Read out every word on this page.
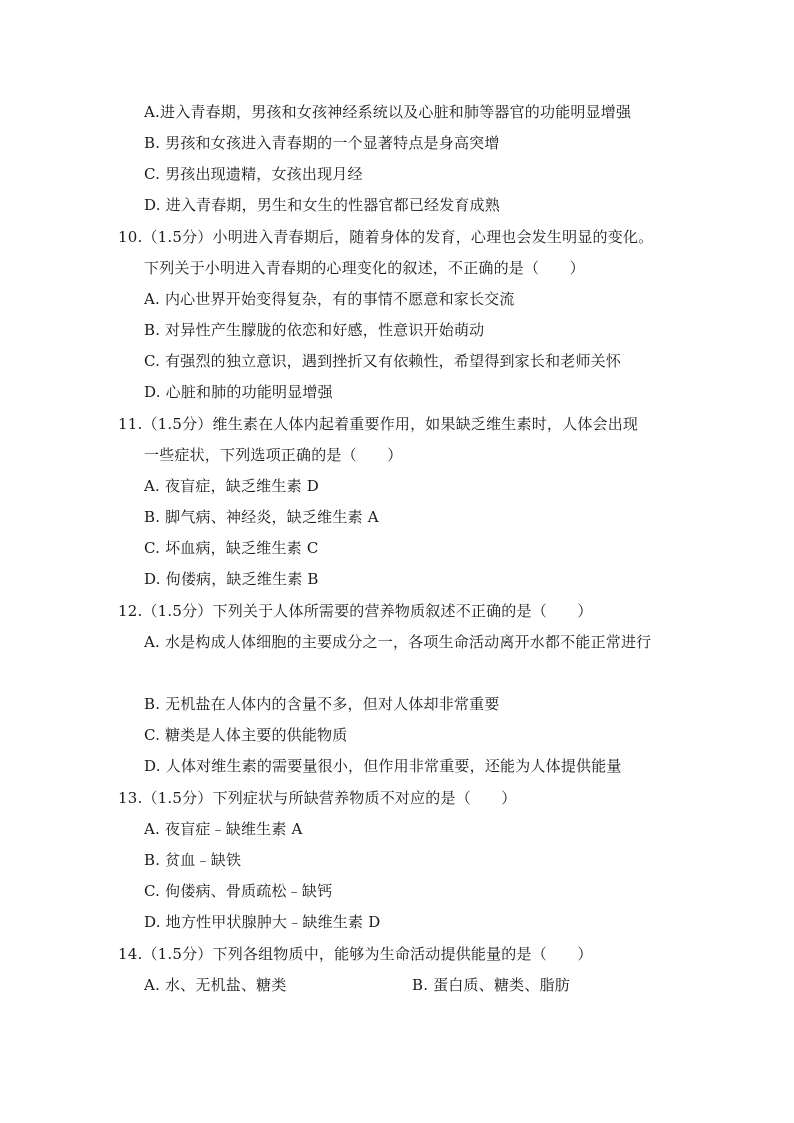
A.进入青春期，男孩和女孩神经系统以及心脏和肺等器官的功能明显增强
B. 男孩和女孩进入青春期的一个显著特点是身高突增
C. 男孩出现遗精，女孩出现月经
D. 进入青春期，男生和女生的性器官都已经发育成熟
10.（1.5分）小明进入青春期后，随着身体的发育，心理也会发生明显的变化。
下列关于小明进入青春期的心理变化的叙述，不正确的是（　　）
A. 内心世界开始变得复杂，有的事情不愿意和家长交流
B. 对异性产生朦胧的依恋和好感，性意识开始萌动
C. 有强烈的独立意识，遇到挫折又有依赖性，希望得到家长和老师关怀
D. 心脏和肺的功能明显增强
11.（1.5分）维生素在人体内起着重要作用，如果缺乏维生素时，人体会出现
一些症状，下列选项正确的是（　　）
A. 夜盲症，缺乏维生素 D
B. 脚气病、神经炎，缺乏维生素 A
C. 坏血病，缺乏维生素 C
D. 佝偻病，缺乏维生素 B
12.（1.5分）下列关于人体所需要的营养物质叙述不正确的是（　　）
A. 水是构成人体细胞的主要成分之一，各项生命活动离开水都不能正常进行
B. 无机盐在人体内的含量不多，但对人体却非常重要
C. 糖类是人体主要的供能物质
D. 人体对维生素的需要量很小，但作用非常重要，还能为人体提供能量
13.（1.5分）下列症状与所缺营养物质不对应的是（　　）
A. 夜盲症﹣缺维生素 A
B. 贫血﹣缺铁
C. 佝偻病、骨质疏松﹣缺钙
D. 地方性甲状腺肿大﹣缺维生素 D
14.（1.5分）下列各组物质中，能够为生命活动提供能量的是（　　）
A. 水、无机盐、糖类	B. 蛋白质、糖类、脂肪
